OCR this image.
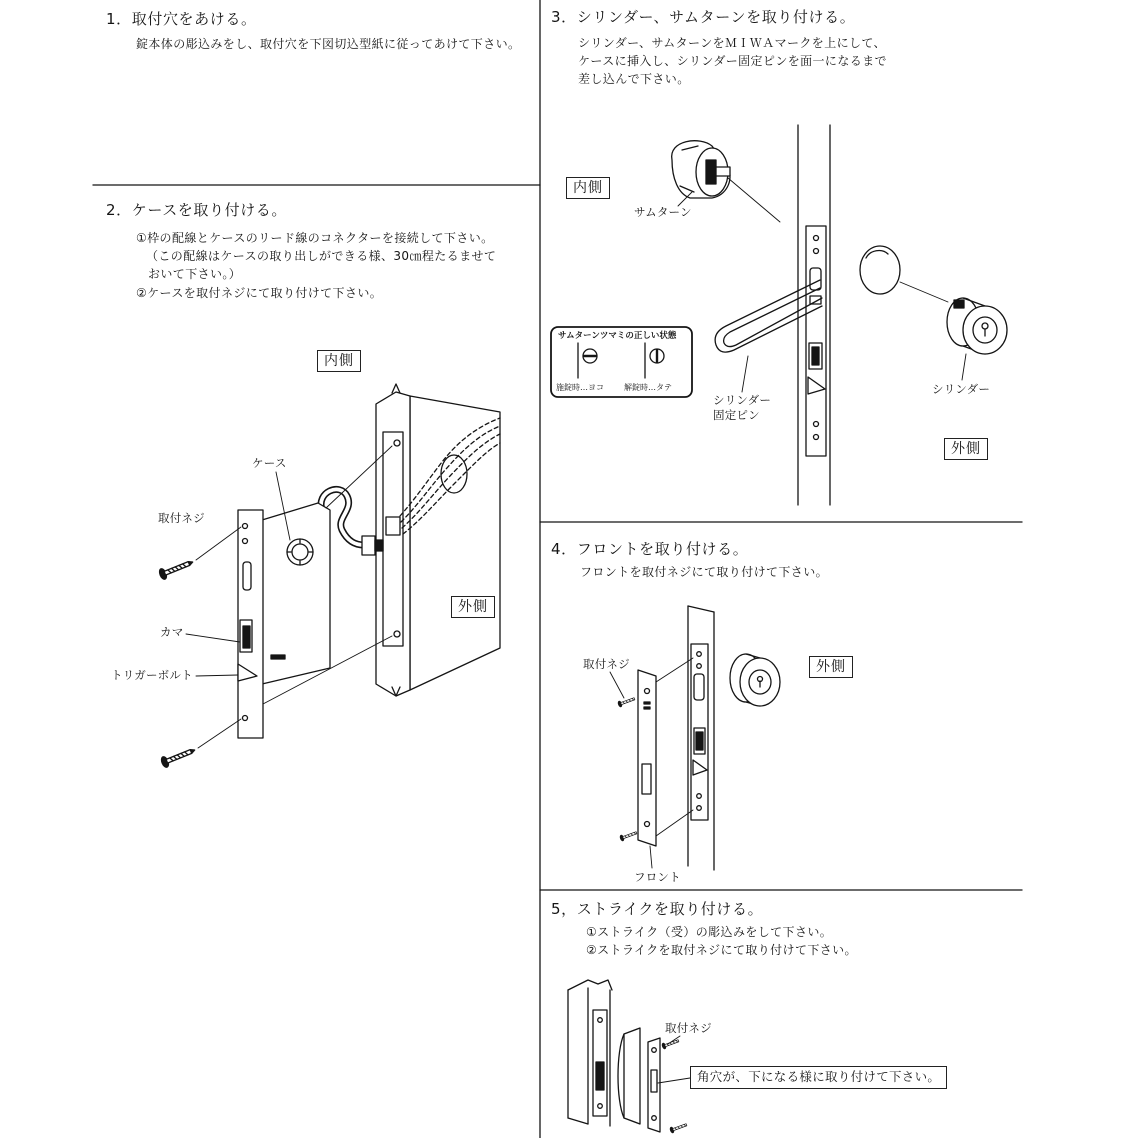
1．取付穴をあける。
錠本体の彫込みをし、取付穴を下図切込型紙に従ってあけて下さい。
2．ケースを取り付ける。
①枠の配線とケースのリード線のコネクターを接続して下さい。
（この配線はケースの取り出しができる様、30㎝程たるませて
おいて下さい。）
②ケースを取付ネジにて取り付けて下さい。
内側
ケース
取付ネジ
カマ
トリガーボルト
外側
3．シリンダー、サムターンを取り付ける。
シリンダー、サムターンをＭＩＷＡマークを上にして、
ケースに挿入し、シリンダー固定ピンを面一になるまで
差し込んで下さい。
内側
サムターン
シリンダー
固定ピン
シリンダー
外側
サムターンツマミの正しい状態
施錠時…ヨコ	解錠時…タテ
4．フロントを取り付ける。
フロントを取付ネジにて取り付けて下さい。
取付ネジ	外側
フロント
5，ストライクを取り付ける。
①ストライク（受）の彫込みをして下さい。
②ストライクを取付ネジにて取り付けて下さい。
取付ネジ
角穴が、下になる様に取り付けて下さい。
